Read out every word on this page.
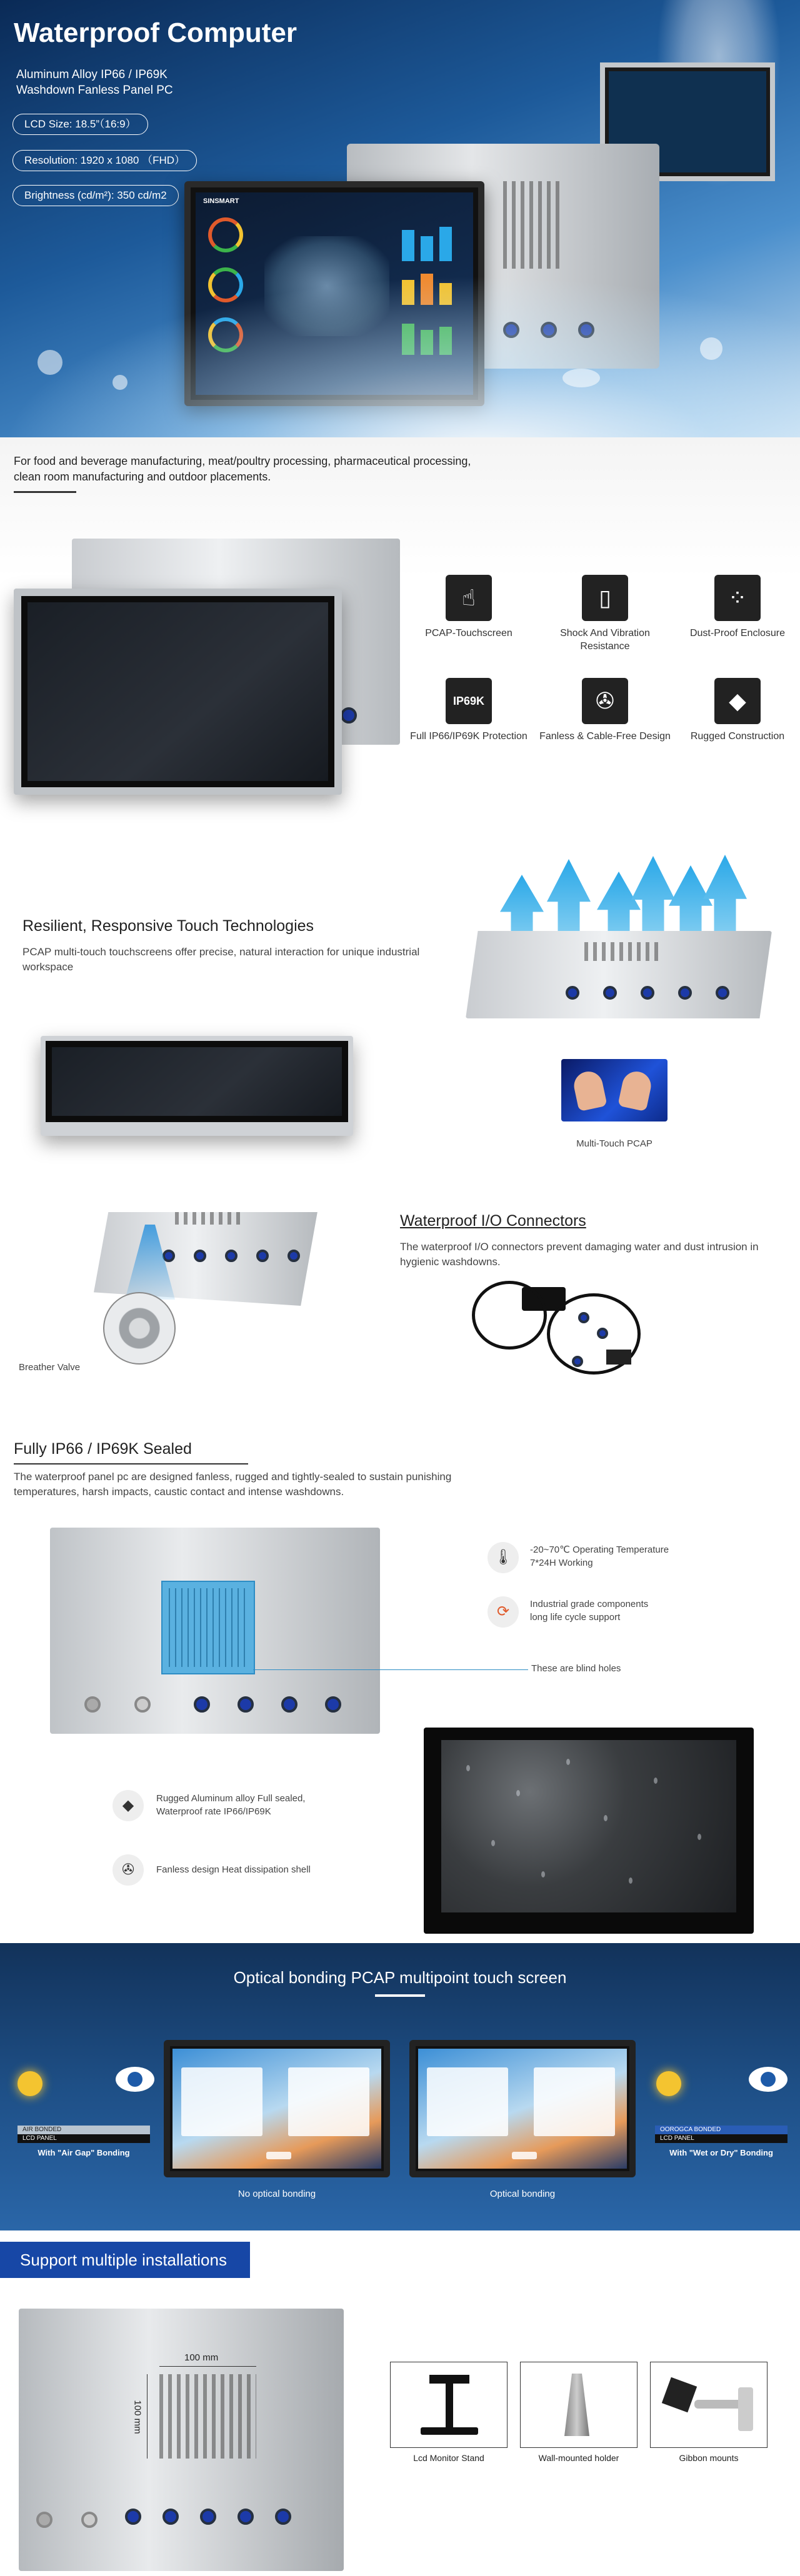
Waterproof Computer
Aluminum Alloy IP66 / IP69K
Washdown Fanless Panel PC
LCD Size: 18.5”（16:9）
Resolution: 1920 x 1080 （FHD）
Brightness (cd/m²): 350 cd/m2	SINSMART
For food and beverage manufacturing, meat/poultry processing, pharmaceutical processing, clean room manufacturing and outdoor placements.
☝
PCAP-Touchscreen
▯
Shock And Vibration Resistance
⁘
Dust-Proof Enclosure
IP69K
Full IP66/IP69K Protection
✇
Fanless & Cable-Free Design
◆
Rugged Construction
Resilient, Responsive Touch Technologies
PCAP multi-touch touchscreens offer precise, natural interaction for unique industrial workspace
Multi-Touch PCAP
Breather Valve
Waterproof I/O Connectors
The waterproof I/O connectors prevent damaging water and dust intrusion in hygienic washdowns.
Fully IP66 / IP69K Sealed
The waterproof panel pc are designed fanless, rugged and tightly-sealed to sustain punishing temperatures, harsh impacts, caustic contact and intense washdowns.
🌡	-20~70℃ Operating Temperature
7*24H Working
⟳	Industrial grade components
long life cycle support
These are blind holes
◆	Rugged Aluminum alloy Full sealed,
Waterproof rate IP66/IP69K
✇	Fanless design Heat dissipation shell
Optical bonding PCAP multipoint touch screen
AIR BONDED
LCD PANEL
With "Air Gap" Bonding
No optical bonding	Optical bonding
OOROGCA BONDED
LCD PANEL
With "Wet or Dry" Bonding
Support multiple installations
100 mm
100 mm
Lcd Monitor Stand	Wall-mounted holder	Gibbon mounts
